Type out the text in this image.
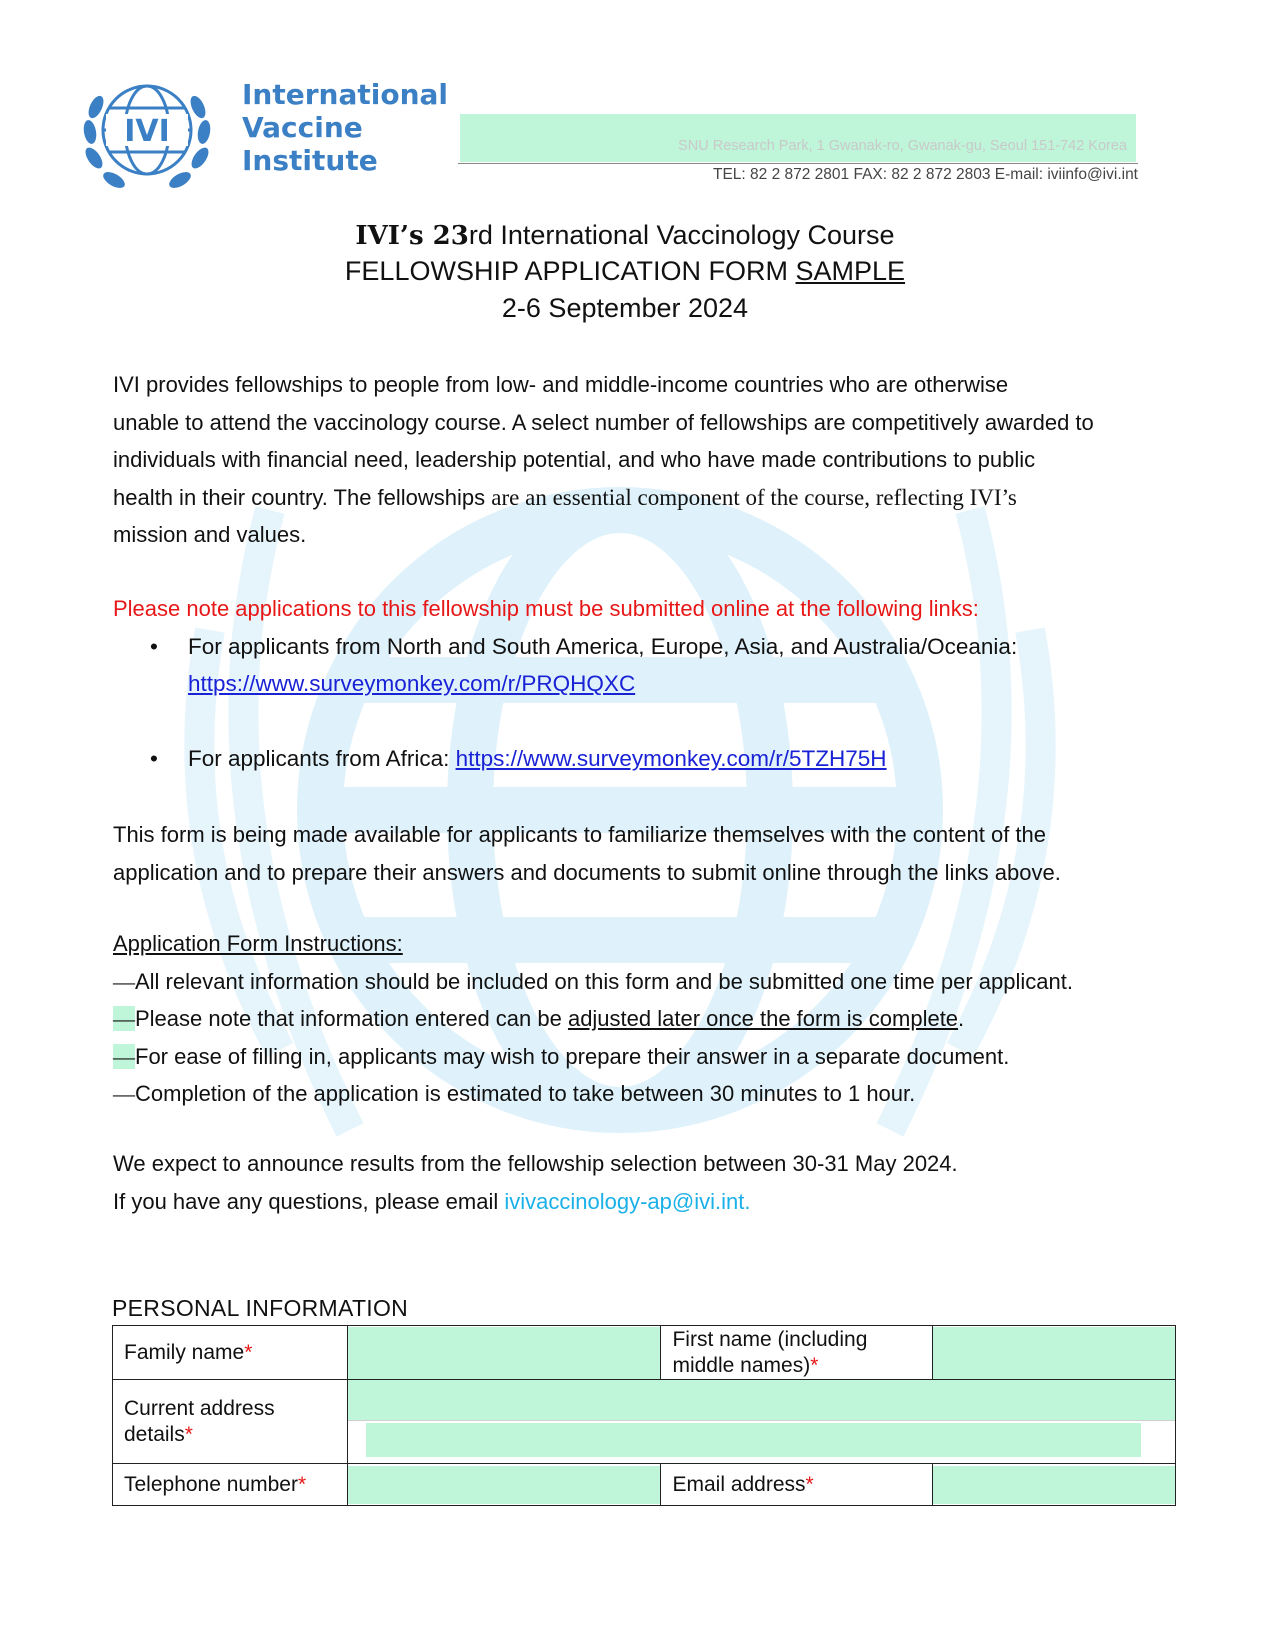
IVI
International
Vaccine
Institute	SNU Research Park, 1 Gwanak-ro, Gwanak-gu, Seoul 151-742 Korea
TEL: 82 2 872 2801 FAX: 82 2 872 2803 E-mail: iviinfo@ivi.int
IVI’s 23rd International Vaccinology Course
FELLOWSHIP APPLICATION FORM SAMPLE
2-6 September 2024
IVI provides fellowships to people from low- and middle-income countries who are otherwise
unable to attend the vaccinology course. A select number of fellowships are competitively awarded to
individuals with financial need, leadership potential, and who have made contributions to public
health in their country. The fellowships are an essential component of the course, reflecting IVI’s
mission and values.
Please note applications to this fellowship must be submitted online at the following links:
• For applicants from North and South America, Europe, Asia, and Australia/Oceania:
https://www.surveymonkey.com/r/PRQHQXC
• For applicants from Africa: https://www.surveymonkey.com/r/5TZH75H
This form is being made available for applicants to familiarize themselves with the content of the
application and to prepare their answers and documents to submit online through the links above.
Application Form Instructions:
—All relevant information should be included on this form and be submitted one time per applicant.
—Please note that information entered can be adjusted later once the form is complete.
—For ease of filling in, applicants may wish to prepare their answer in a separate document.
—Completion of the application is estimated to take between 30 minutes to 1 hour.
We expect to announce results from the fellowship selection between 30-31 May 2024.
If you have any questions, please email ivivaccinology-ap@ivi.int.
PERSONAL INFORMATION
Family name*		First name (including
middle names)*	

Current address
details*			

Telephone number*		Email address*	
